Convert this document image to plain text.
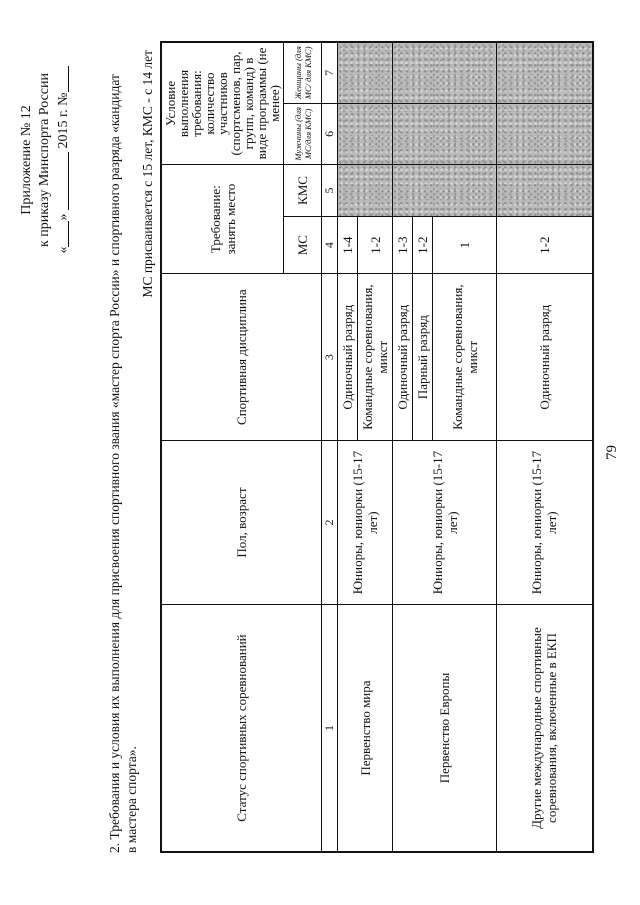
Приложение № 12 к приказу Минспорта России
«»  2015 г. №	2. Требования и условия их выполнения для присвоения спортивного звания «мастер спорта России» и спортивного разряда «кандидат в мастера спорта».
МС присваивается с 15 лет, КМС - с 14 лет
Статус спортивных соревнований	Пол, возраст	Спортивная дисциплина	Требование: занять место		Условие выполнения требования: количество участников (спортсменов, пар, групп, команд) в виде программы (не менее)	
			МС	КМС	Мужчины (для МС/для КМС)	Женщины (для МС/ для КМС)
1	2	3	4	5	6	7
Первенство мира	Юниоры, юниорки (15-17 лет)	Одиночный разряд	1-4			
		Командные соревнования, микст	1-2			
Первенство Европы	Юниоры, юниорки (15-17 лет)	Одиночный разряд	1-3			
		Парный разряд	1-2			
		Командные соревнования, микст	1			
Другие международные спортивные соревнования, включенные в ЕКП	Юниоры, юниорки (15-17 лет)	Одиночный разряд	1-2			
79
